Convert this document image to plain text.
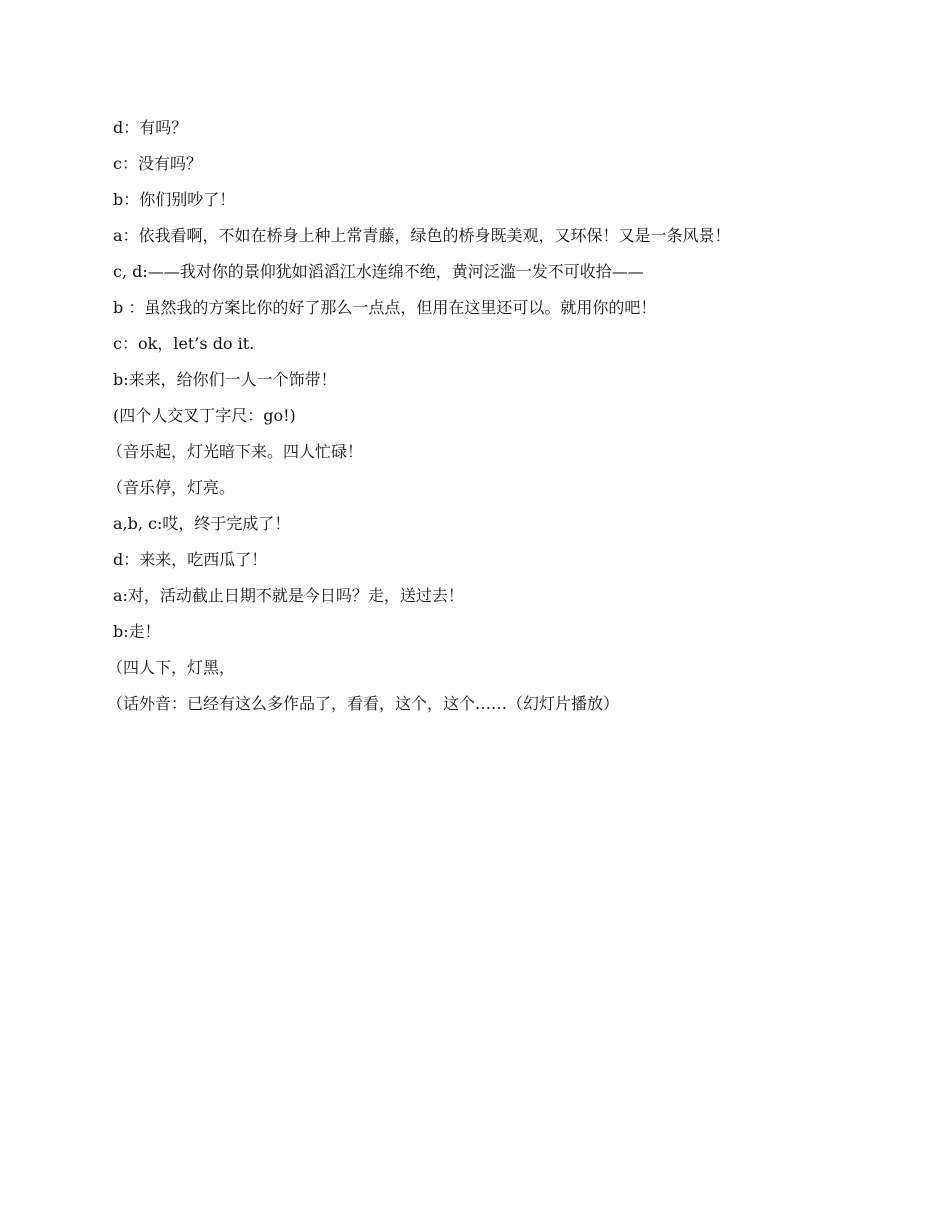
d：有吗？

c：没有吗？

b：你们别吵了！

a：依我看啊，不如在桥身上种上常青藤，绿色的桥身既美观，又环保！又是一条风景！

c, d:——我对你的景仰犹如滔滔江水连绵不绝，黄河泛滥一发不可收拾——

b ：虽然我的方案比你的好了那么一点点，但用在这里还可以。就用你的吧！

c：ok，let’s do it.

b:来来，给你们一人一个饰带！

(四个人交叉丁字尺：go!)

（音乐起，灯光暗下来。四人忙碌！

（音乐停，灯亮。

a,b, c:哎，终于完成了！

d：来来，吃西瓜了！

a:对，活动截止日期不就是今日吗？走，送过去！

b:走！

（四人下，灯黑，

（话外音：已经有这么多作品了，看看，这个，这个……（幻灯片播放）
